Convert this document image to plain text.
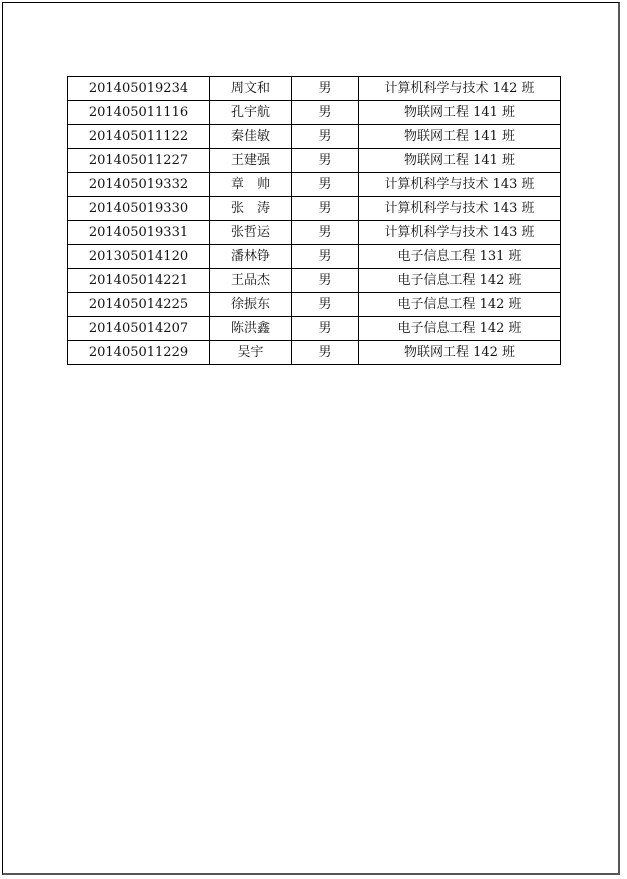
201405019234	周文和	男	计算机科学与技术 142 班
201405011116	孔宇航	男	物联网工程 141 班
201405011122	秦佳敏	男	物联网工程 141 班
201405011227	王建强	男	物联网工程 141 班
201405019332	章　帅	男	计算机科学与技术 143 班
201405019330	张　涛	男	计算机科学与技术 143 班
201405019331	张哲运	男	计算机科学与技术 143 班
201305014120	潘林铮	男	电子信息工程 131 班
201405014221	王品杰	男	电子信息工程 142 班
201405014225	徐振东	男	电子信息工程 142 班
201405014207	陈洪鑫	男	电子信息工程 142 班
201405011229	吴宇	男	物联网工程 142 班
